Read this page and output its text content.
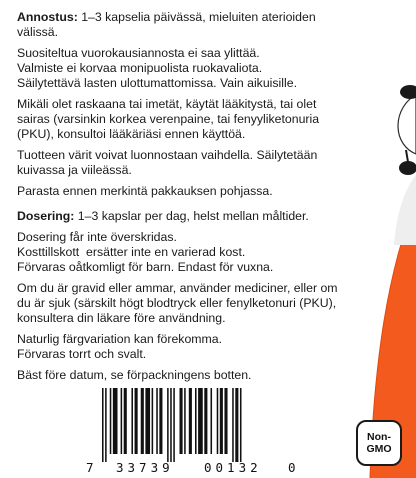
Annostus: 1–3 kapselia päivässä, mieluiten aterioiden välissä.

Suositeltua vuorokausiannosta ei saa ylittää.
Valmiste ei korvaa monipuolista ruokavaliota.
Säilytettävä lasten ulottumattomissa. Vain aikuisille.

Mikäli olet raskaana tai imetät, käytät lääkitystä, tai olet sairas (varsinkin korkea verenpaine, tai fenyyliketonuria (PKU), konsultoi lääkäriäsi ennen käyttöä.

Tuotteen värit voivat luonnostaan vaihdella. Säilytetään kuivassa ja viileässä.

Parasta ennen merkintä pakkauksen pohjassa.

Dosering: 1–3 kapslar per dag, helst mellan måltider.

Dosering får inte överskridas.
Kosttillskott  ersätter inte en varierad kost.
Förvaras oåtkomligt för barn. Endast för vuxna.

Om du är gravid eller ammar, använder mediciner, eller om du är sjuk (särskilt högt blodtryck eller fenylketonuri (PKU), konsultera din läkare före användning.

Naturlig färgvariation kan förekomma.
Förvaras torrt och svalt.

Bäst före datum, se förpackningens botten.

7 33739 00132 0
Non-
GMO
